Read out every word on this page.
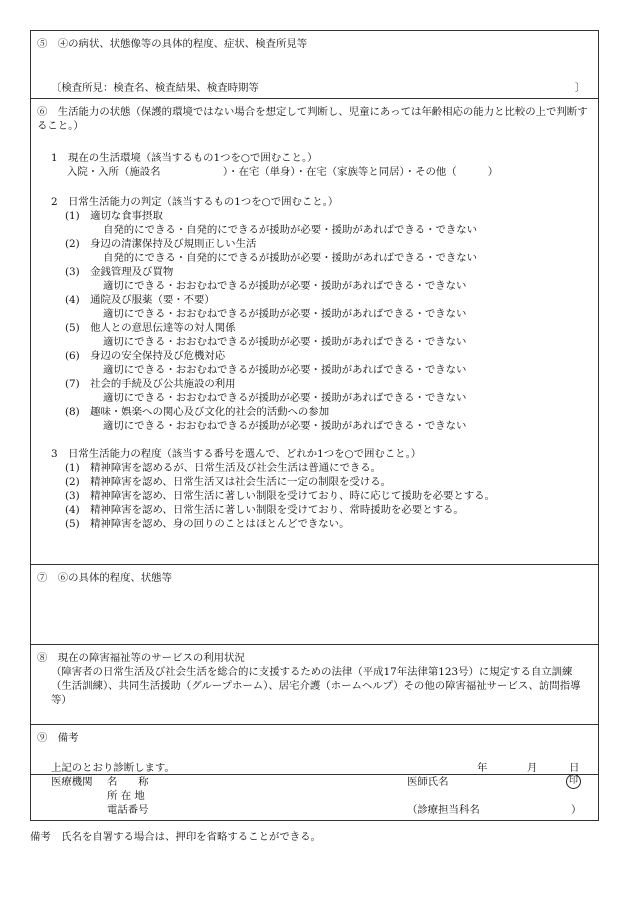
⑤　④の病状、状態像等の具体的程度、症状、検査所見等
〔検査所見：検査名、検査結果、検査時期等	〕
⑥　生活能力の状態（保護的環境ではない場合を想定して判断し、児童にあっては年齢相応の能力と比較の上で判断すること。）
1　現在の生活環境（該当するもの1つを○で囲むこと。）
入院・入所（施設名　　　　　　）・在宅（単身）・在宅（家族等と同居）・その他（　　　）
2　日常生活能力の判定（該当するもの1つを○で囲むこと。）
(1)　適切な食事摂取
自発的にできる・自発的にできるが援助が必要・援助があればできる・できない
(2)　身辺の清潔保持及び規則正しい生活
自発的にできる・自発的にできるが援助が必要・援助があればできる・できない
(3)　金銭管理及び買物
適切にできる・おおむねできるが援助が必要・援助があればできる・できない
(4)　通院及び服薬（要・不要）
適切にできる・おおむねできるが援助が必要・援助があればできる・できない
(5)　他人との意思伝達等の対人関係
適切にできる・おおむねできるが援助が必要・援助があればできる・できない
(6)　身辺の安全保持及び危機対応
適切にできる・おおむねできるが援助が必要・援助があればできる・できない
(7)　社会的手続及び公共施設の利用
適切にできる・おおむねできるが援助が必要・援助があればできる・できない
(8)　趣味・娯楽への関心及び文化的社会的活動への参加
適切にできる・おおむねできるが援助が必要・援助があればできる・できない
3　日常生活能力の程度（該当する番号を選んで、どれか1つを○で囲むこと。）
(1)　精神障害を認めるが、日常生活及び社会生活は普通にできる。
(2)　精神障害を認め、日常生活又は社会生活に一定の制限を受ける。
(3)　精神障害を認め、日常生活に著しい制限を受けており、時に応じて援助を必要とする。
(4)　精神障害を認め、日常生活に著しい制限を受けており、常時援助を必要とする。
(5)　精神障害を認め、身の回りのことはほとんどできない。
⑦　⑥の具体的程度、状態等
⑧　現在の障害福祉等のサービスの利用状況
（障害者の日常生活及び社会生活を総合的に支援するための法律（平成17年法律第123号）に規定する自立訓練（生活訓練）、共同生活援助（グループホーム）、居宅介護（ホームヘルプ）その他の障害福祉サービス、訪問指導等）
⑨　備考
上記のとおり診断します。	年	月	日
医療機関 名　　称	医師氏名	印
所 在 地
電話番号	（診療担当科名	）
備考　氏名を自署する場合は、押印を省略することができる。
